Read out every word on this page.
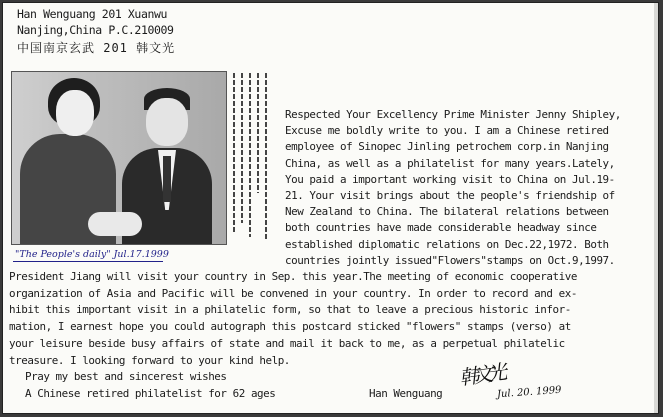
Han Wenguang 201 Xuanwu
Nanjing,China P.C.210009
中国南京玄武 201 韩文光
"The People's daily" Jul.17.1999
Respected Your Excellency Prime Minister Jenny Shipley,
Excuse me boldly write to you. I am a Chinese retired
employee of Sinopec Jinling petrochem corp.in Nanjing
China, as well as a philatelist for many years.Lately,
You paid a important working visit to China on Jul.19-
21. Your visit brings about the people's friendship of
New Zealand to China. The bilateral relations between
both countries have made considerable headway since
established diplomatic relations on Dec.22,1972. Both
countries jointly issued"Flowers"stamps on Oct.9,1997.
President Jiang will visit your country in Sep. this year.The meeting of economic cooperative
organization of Asia and Pacific will be convened in your country. In order to record and ex-
hibit this important visit in a philatelic form, so that to leave a precious historic infor-
mation, I earnest hope you could autograph this postcard sticked "flowers" stamps (verso) at
your leisure beside busy affairs of state and mail it back to me, as a perpetual philatelic
treasure. I looking forward to your kind help.
Pray my best and sincerest wishes
A Chinese retired philatelist for 62 ages	Han Wenguang
韩文光
Jul. 20. 1999
